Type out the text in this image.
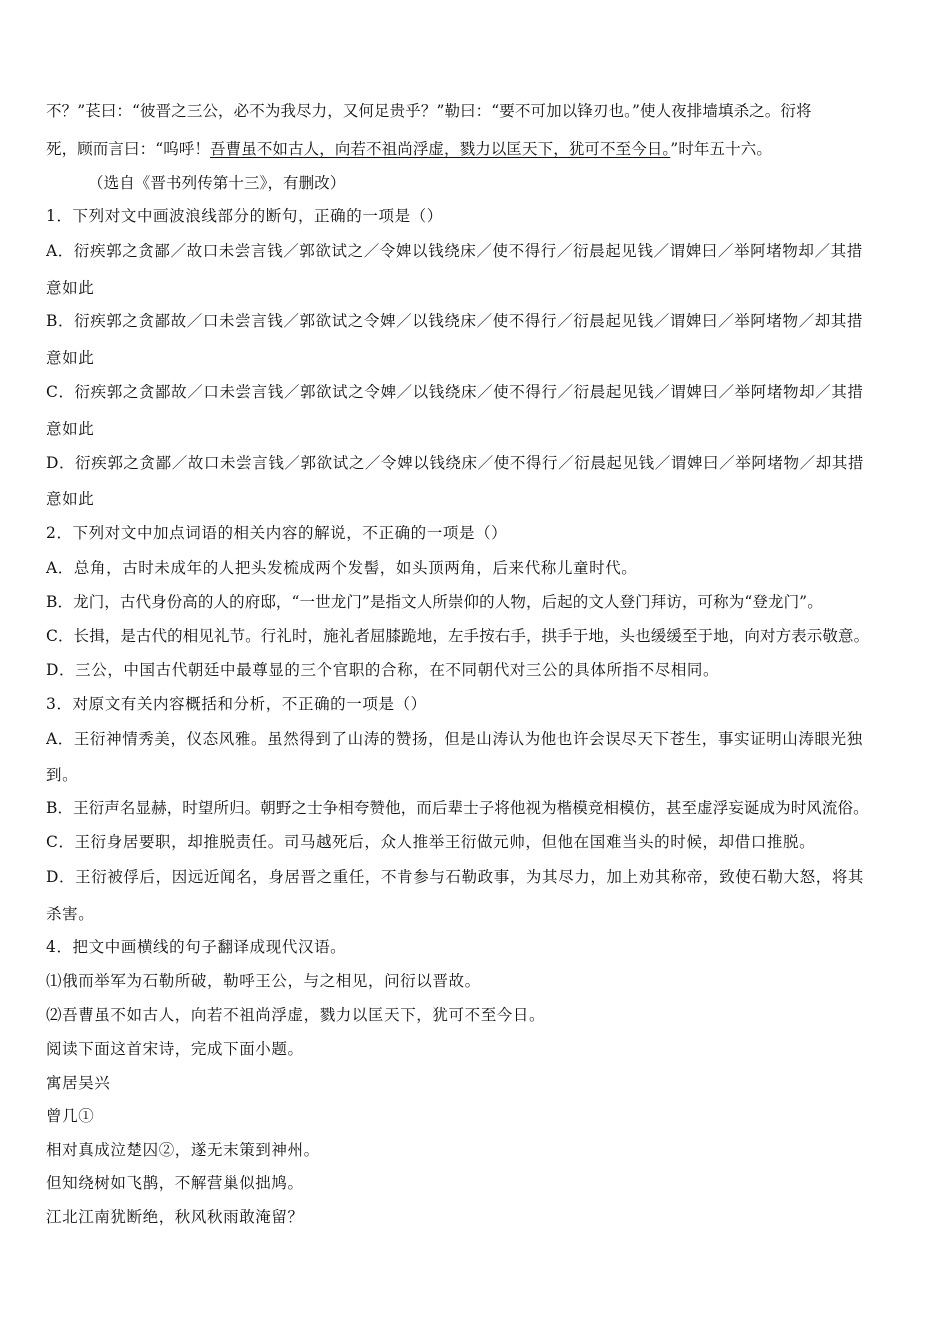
不？”苌曰：“彼晋之三公，必不为我尽力，又何足贵乎？”勒曰：“要不可加以锋刃也。”使人夜排墙填杀之。衍将
死，顾而言曰：“呜呼！吾曹虽不如古人，向若不祖尚浮虚，戮力以匡天下，犹可不至今日。”时年五十六。
（选自《晋书列传第十三》，有删改）
1．下列对文中画波浪线部分的断句，正确的一项是（）
A．衍疾郭之贪鄙／故口未尝言钱／郭欲试之／令婢以钱绕床／使不得行／衍晨起见钱／谓婢曰／举阿堵物却／其措
意如此
B．衍疾郭之贪鄙故／口未尝言钱／郭欲试之令婢／以钱绕床／使不得行／衍晨起见钱／谓婢曰／举阿堵物／却其措
意如此
C．衍疾郭之贪鄙故／口未尝言钱／郭欲试之令婢／以钱绕床／使不得行／衍晨起见钱／谓婢曰／举阿堵物却／其措
意如此
D．衍疾郭之贪鄙／故口未尝言钱／郭欲试之／令婢以钱绕床／使不得行／衍晨起见钱／谓婢曰／举阿堵物／却其措
意如此
2．下列对文中加点词语的相关内容的解说，不正确的一项是（）
A．总角，古时未成年的人把头发梳成两个发髻，如头顶两角，后来代称儿童时代。
B．龙门，古代身份高的人的府邸，“一世龙门”是指文人所崇仰的人物，后起的文人登门拜访，可称为“登龙门”。
C．长揖，是古代的相见礼节。行礼时，施礼者屈膝跪地，左手按右手，拱手于地，头也缓缓至于地，向对方表示敬意。
D．三公，中国古代朝廷中最尊显的三个官职的合称，在不同朝代对三公的具体所指不尽相同。
3．对原文有关内容概括和分析，不正确的一项是（）
A．王衍神情秀美，仪态风雅。虽然得到了山涛的赞扬，但是山涛认为他也许会误尽天下苍生，事实证明山涛眼光独
到。
B．王衍声名显赫，时望所归。朝野之士争相夸赞他，而后辈士子将他视为楷模竞相模仿，甚至虚浮妄诞成为时风流俗。
C．王衍身居要职，却推脱责任。司马越死后，众人推举王衍做元帅，但他在国难当头的时候，却借口推脱。
D．王衍被俘后，因远近闻名，身居晋之重任，不肯参与石勒政事，为其尽力，加上劝其称帝，致使石勒大怒，将其
杀害。
4．把文中画横线的句子翻译成现代汉语。
⑴俄而举军为石勒所破，勒呼王公，与之相见，问衍以晋故。
⑵吾曹虽不如古人，向若不祖尚浮虚，戮力以匡天下，犹可不至今日。
阅读下面这首宋诗，完成下面小题。
寓居吴兴
曾几①
相对真成泣楚囚②，遂无末策到神州。
但知绕树如飞鹊，不解营巢似拙鸠。
江北江南犹断绝，秋风秋雨敢淹留？
